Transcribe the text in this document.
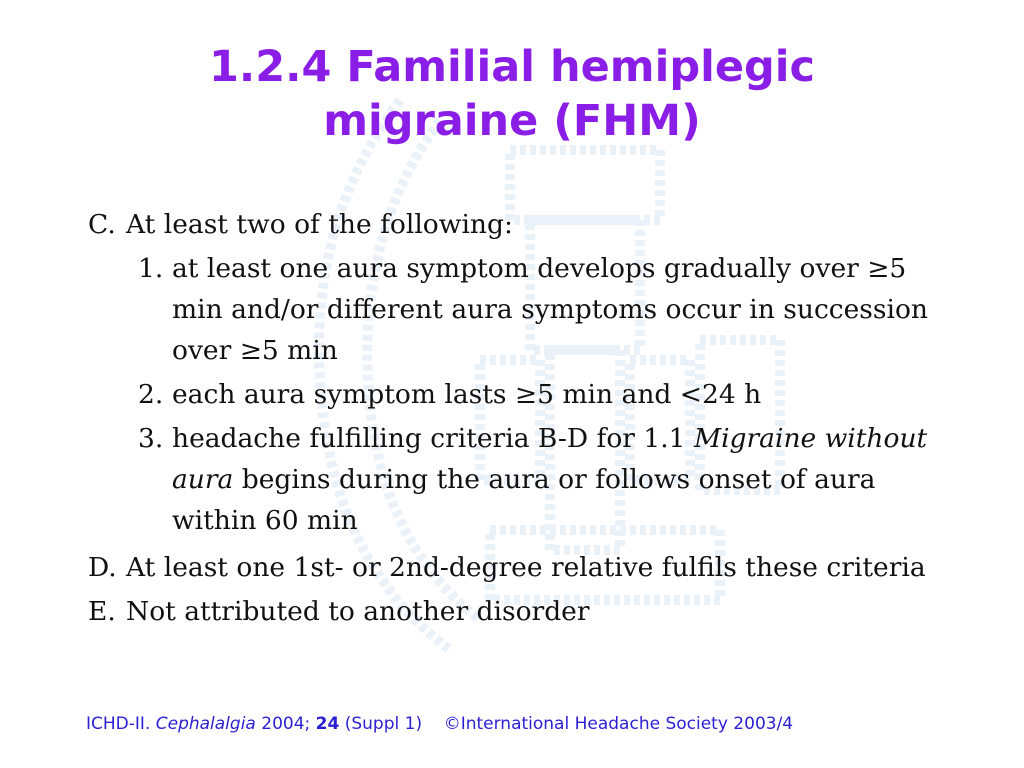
1.2.4 Familial hemiplegic
migraine (FHM)
C. At least two of the following:
1. at least one aura symptom develops gradually over ≥5 min and/or different aura symptoms occur in succession over ≥5 min
2. each aura symptom lasts ≥5 min and <24 h
3. headache fulfilling criteria B-D for 1.1 Migraine without aura begins during the aura or follows onset of aura within 60 min
D. At least one 1st- or 2nd-degree relative fulfils these criteria
E. Not attributed to another disorder
ICHD-II. Cephalalgia 2004; 24 (Suppl 1)    ©International Headache Society 2003/4
